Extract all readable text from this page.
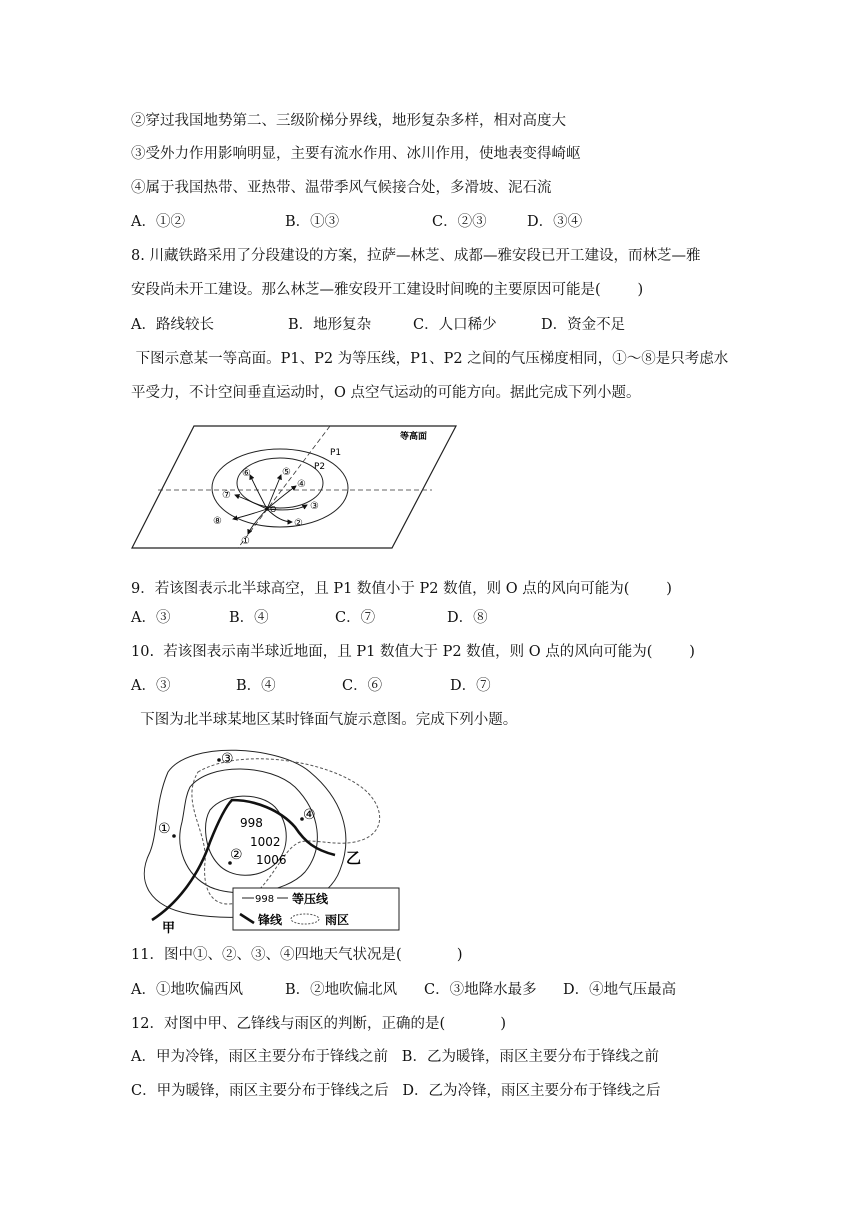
②穿过我国地势第二、三级阶梯分界线，地形复杂多样，相对高度大
③受外力作用影响明显，主要有流水作用、冰川作用，使地表变得崎岖
④属于我国热带、亚热带、温带季风气候接合处，多滑坡、泥石流
A．①②	B．①③	C．②③	D．③④
8. 川藏铁路采用了分段建设的方案，拉萨—林芝、成都—雅安段已开工建设，而林芝—雅
安段尚未开工建设。那么林芝—雅安段开工建设时间晚的主要原因可能是(        )
A．路线较长	B．地形复杂	C．人口稀少	D．资金不足
下图示意某一等高面。P1、P2 为等压线，P1、P2 之间的气压梯度相同，①～⑧是只考虑水
平受力，不计空间垂直运动时，O 点空气运动的可能方向。据此完成下列小题。
P1
P2
等高面
O
①
②
③
④
⑤
⑥
⑦
⑧
9．若该图表示北半球高空，且 P1 数值小于 P2 数值，则 O 点的风向可能为(        )
A．③	B．④	C．⑦	D．⑧
10.  若该图表示南半球近地面，且 P1 数值大于 P2 数值，则 O 点的风向可能为(        )
A．③	B．④	C．⑥	D．⑦
下图为北半球某地区某时锋面气旋示意图。完成下列小题。
998
1002
1006
①
②
③
④
甲
乙
998 等压线
锋线	雨区
11．图中①、②、③、④四地天气状况是(            )
A．①地吹偏西风	B．②地吹偏北风 C．③地降水最多 D．④地气压最高
12．对图中甲、乙锋线与雨区的判断，正确的是(            )
A．甲为冷锋，雨区主要分布于锋线之前   B．乙为暖锋，雨区主要分布于锋线之前
C．甲为暖锋，雨区主要分布于锋线之后   D．乙为冷锋，雨区主要分布于锋线之后
